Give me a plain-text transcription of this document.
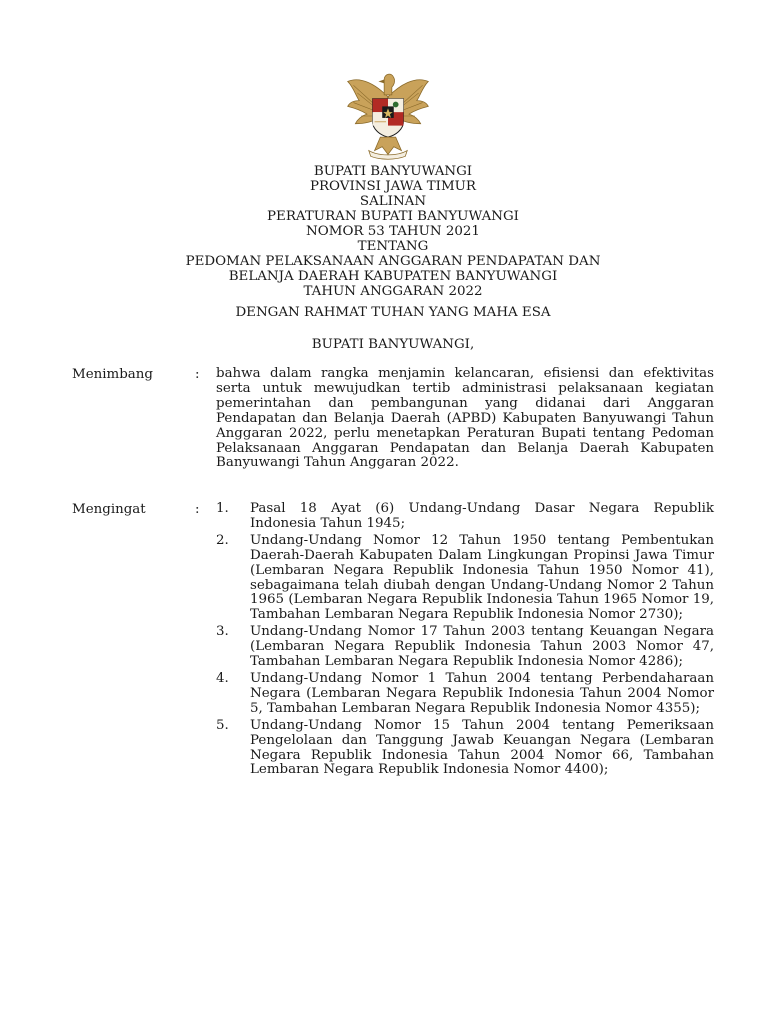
BUPATI BANYUWANGI
PROVINSI JAWA TIMUR
SALINAN
PERATURAN BUPATI BANYUWANGI
NOMOR 53 TAHUN 2021
TENTANG
PEDOMAN PELAKSANAAN ANGGARAN PENDAPATAN DAN
BELANJA DAERAH KABUPATEN BANYUWANGI
TAHUN ANGGARAN 2022
DENGAN RAHMAT TUHAN YANG MAHA ESA
BUPATI BANYUWANGI,
Menimbang	: bahwa dalam rangka menjamin kelancaran, efisiensi dan efektivitas serta untuk mewujudkan tertib administrasi pelaksanaan kegiatan pemerintahan dan pembangunan yang didanai dari Anggaran Pendapatan dan Belanja Daerah (APBD) Kabupaten Banyuwangi Tahun Anggaran 2022, perlu menetapkan Peraturan Bupati tentang Pedoman Pelaksanaan Anggaran Pendapatan dan Belanja Daerah Kabupaten Banyuwangi Tahun Anggaran 2022.
Mengingat	: 1.	Pasal 18 Ayat (6) Undang-Undang Dasar Negara Republik Indonesia Tahun 1945;
2.	Undang-Undang Nomor 12 Tahun 1950 tentang Pembentukan Daerah-Daerah Kabupaten Dalam Lingkungan Propinsi Jawa Timur (Lembaran Negara Republik Indonesia Tahun 1950 Nomor 41), sebagaimana telah diubah dengan Undang-Undang Nomor 2 Tahun 1965 (Lembaran Negara Republik Indonesia Tahun 1965 Nomor 19, Tambahan Lembaran Negara Republik Indonesia Nomor 2730);
3.	Undang-Undang Nomor 17 Tahun 2003 tentang Keuangan Negara (Lembaran Negara Republik Indonesia Tahun 2003 Nomor 47, Tambahan Lembaran Negara Republik Indonesia Nomor 4286);
4.	Undang-Undang Nomor 1 Tahun 2004 tentang Perbendaharaan Negara (Lembaran Negara Republik Indonesia Tahun 2004 Nomor 5, Tambahan Lembaran Negara Republik Indonesia Nomor 4355);
5.	Undang-Undang Nomor 15 Tahun 2004 tentang Pemeriksaan Pengelolaan dan Tanggung Jawab Keuangan Negara (Lembaran Negara Republik Indonesia Tahun 2004 Nomor 66, Tambahan Lembaran Negara Republik Indonesia Nomor 4400);
